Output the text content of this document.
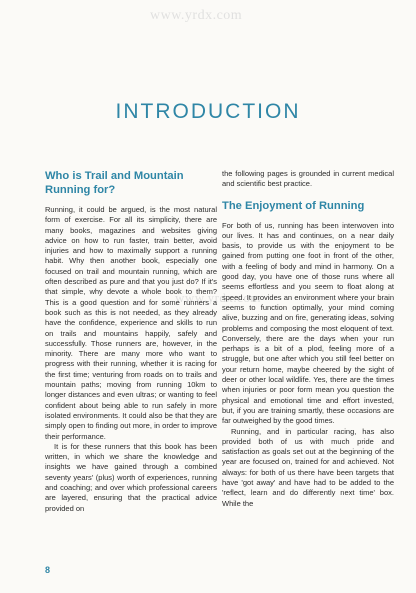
www.yrdx.com
www.yrdx.com
INTRODUCTION
Who is Trail and Mountain Running for?

Running, it could be argued, is the most natural form of exercise. For all its simplicity, there are many books, magazines and websites giving advice on how to run faster, train better, avoid injuries and how to maximally support a running habit. Why then another book, especially one focused on trail and mountain running, which are often described as pure and that you just do? If it's that simple, why devote a whole book to them? This is a good question and for some runners a book such as this is not needed, as they already have the confidence, experience and skills to run on trails and mountains happily, safely and successfully. Those runners are, however, in the minority. There are many more who want to progress with their running, whether it is racing for the first time; venturing from roads on to trails and mountain paths; moving from running 10km to longer distances and even ultras; or wanting to feel confident about being able to run safely in more isolated environments. It could also be that they are simply open to finding out more, in order to improve their performance.

It is for these runners that this book has been written, in which we share the knowledge and insights we have gained through a combined seventy years' (plus) worth of experiences, running and coaching; and over which professional careers are layered, ensuring that the practical advice provided on

the following pages is grounded in current medical and scientific best practice.

The Enjoyment of Running

For both of us, running has been interwoven into our lives. It has and continues, on a near daily basis, to provide us with the enjoyment to be gained from putting one foot in front of the other, with a feeling of body and mind in harmony. On a good day, you have one of those runs where all seems effortless and you seem to float along at speed. It provides an environment where your brain seems to function optimally, your mind coming alive, buzzing and on fire, generating ideas, solving problems and composing the most eloquent of text. Conversely, there are the days when your run perhaps is a bit of a plod, feeling more of a struggle, but one after which you still feel better on your return home, maybe cheered by the sight of deer or other local wildlife. Yes, there are the times when injuries or poor form mean you question the physical and emotional time and effort invested, but, if you are training smartly, these occasions are far outweighed by the good times.

Running, and in particular racing, has also provided both of us with much pride and satisfaction as goals set out at the beginning of the year are focused on, trained for and achieved. Not always: for both of us there have been targets that have 'got away' and have had to be added to the 'reflect, learn and do differently next time' box. While the

8
